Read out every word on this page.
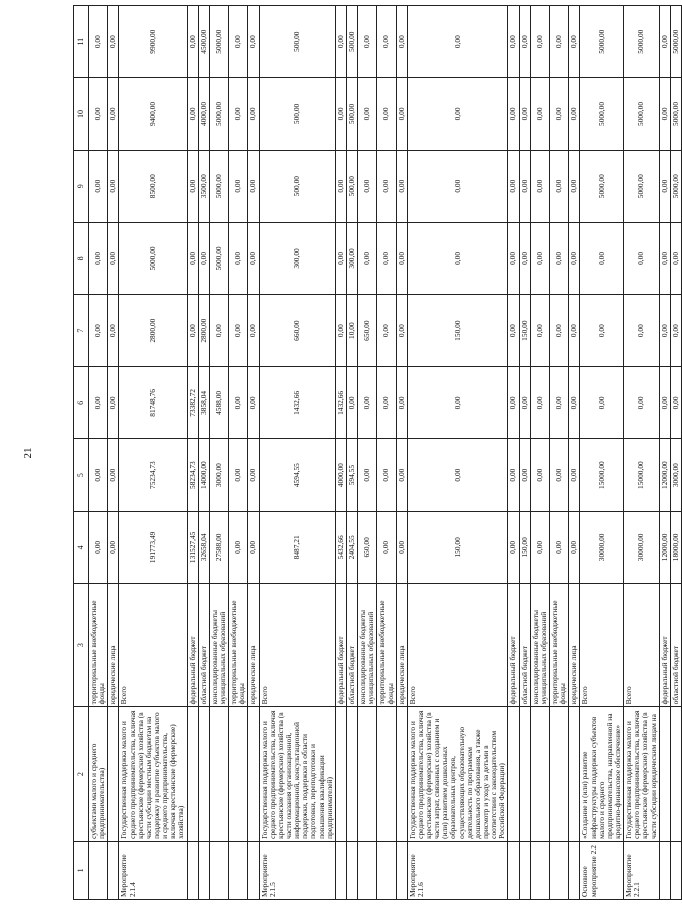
21
1	2	3	4	5	6	7	8	9	10	11
	субъектами малого и среднего предпринимательства)	территориальные внебюджетные фонды	0,00	0,00	0,00	0,00	0,00	0,00	0,00	0,00
		юридические лица	0,00	0,00	0,00	0,00	0,00	0,00	0,00	0,00
Мероприятие 2.1.4	Государственная поддержка малого и среднего предпринимательства, включая крестьянские (фермерские) хозяйства (в части субсидии местным бюджетам на поддержку и развитие субъектов малого и среднего предпринимательства, включая крестьянские (фермерские) хозяйства)	Всего	191773,49	75234,73	81748,76	2800,00	5000,00	8500,00	9400,00	9900,00
		федеральный бюджет	131527,45	58234,73	73382,72	0,00	0,00	0,00	0,00	0,00
		областной бюджет	32658,04	14000,00	3858,04	2800,00	0,00	3500,00	4000,00	4500,00
		консолидированные бюджеты муниципальных образований	27588,00	3000,00	4588,00	0,00	5000,00	5000,00	5000,00	5000,00
		территориальные внебюджетные фонды	0,00	0,00	0,00	0,00	0,00	0,00	0,00	0,00
		юридические лица	0,00	0,00	0,00	0,00	0,00	0,00	0,00	0,00
Мероприятие 2.1.5	Государственная поддержка малого и среднего предпринимательства, включая крестьянские (фермерские) хозяйства (в части оказания организационной, информационной, консультационной поддержки, поддержки в области подготовки, переподготовки и повышения квалификации предпринимателей)	Всего	8487,21	4594,55	1432,66	660,00	300,00	500,00	500,00	500,00
		федеральный бюджет	5432,66	4000,00	1432,66	0,00	0,00	0,00	0,00	0,00
		областной бюджет	2404,55	594,55	0,00	10,00	300,00	500,00	500,00	500,00
		консолидированные бюджеты муниципальных образований	650,00	0,00	0,00	650,00	0,00	0,00	0,00	0,00
		территориальные внебюджетные фонды	0,00	0,00	0,00	0,00	0,00	0,00	0,00	0,00
		юридические лица	0,00	0,00	0,00	0,00	0,00	0,00	0,00	0,00
Мероприятие 2.1.6	Государственная поддержка малого и среднего предпринимательства, включая крестьянские (фермерские) хозяйства (в части затрат, связанных с созданием и (или) развитием дошкольных образовательных центров, осуществляющих образовательную деятельность по программам дошкольного образования, а также присмотр и уходу за детьми в соответствии с законодательством Российской Федерации)	Всего	150,00	0,00	0,00	150,00	0,00	0,00	0,00	0,00
		федеральный бюджет	0,00	0,00	0,00	0,00	0,00	0,00	0,00	0,00
		областной бюджет	150,00	0,00	0,00	150,00	0,00	0,00	0,00	0,00
		консолидированные бюджеты муниципальных образований	0,00	0,00	0,00	0,00	0,00	0,00	0,00	0,00
		территориальные внебюджетные фонды	0,00	0,00	0,00	0,00	0,00	0,00	0,00	0,00
		юридические лица	0,00	0,00	0,00	0,00	0,00	0,00	0,00	0,00
Основное мероприятие 2.2	«Создание и (или) развитие инфраструктуры поддержки субъектов малого и среднего предпринимательства, направленной на кредитно-финансовое обеспечение»	Всего	30000,00	15000,00	0,00	0,00	0,00	5000,00	5000,00	5000,00
Мероприятие 2.2.1	Государственная поддержка малого и среднего предпринимательства, включая крестьянские (фермерские) хозяйства (в части субсидии юридическим лицам на	Всего	30000,00	15000,00	0,00	0,00	0,00	5000,00	5000,00	5000,00
		федеральный бюджет	12000,00	12000,00	0,00	0,00	0,00	0,00	0,00	0,00
		областной бюджет	18000,00	3000,00	0,00	0,00	0,00	5000,00	5000,00	5000,00
